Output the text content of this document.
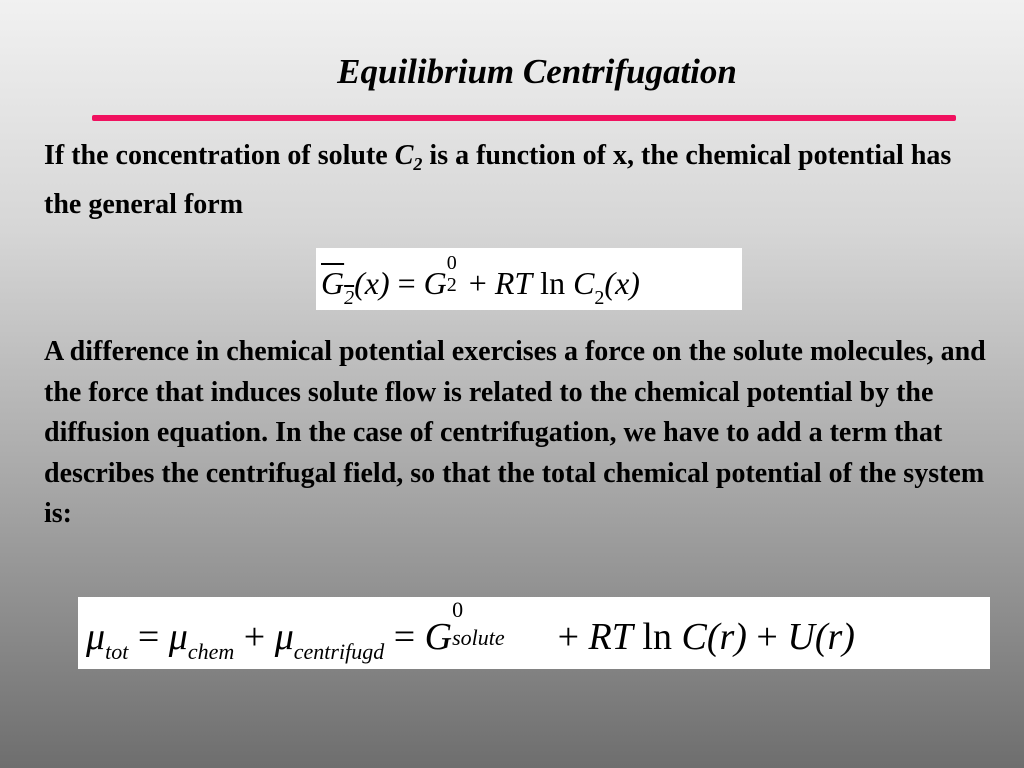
Equilibrium Centrifugation
If the concentration of solute $C_2$ is a function of x, the chemical potential has the general form
$G_2(x) = G$
0
2 + RT $\ln C_2(x)$
A difference in chemical potential exercises a force on the solute molecules, and the force that induces solute flow is related to the chemical potential by the diffusion equation. In the case of centrifugation, we have to add a term that describes the centrifugal field, so that the total chemical potential of the system is:
$\mu_{tot} = \mu_{chem} + \mu_{centrifugd} = G$
0
solute + RT ln C(r) + U(r)
